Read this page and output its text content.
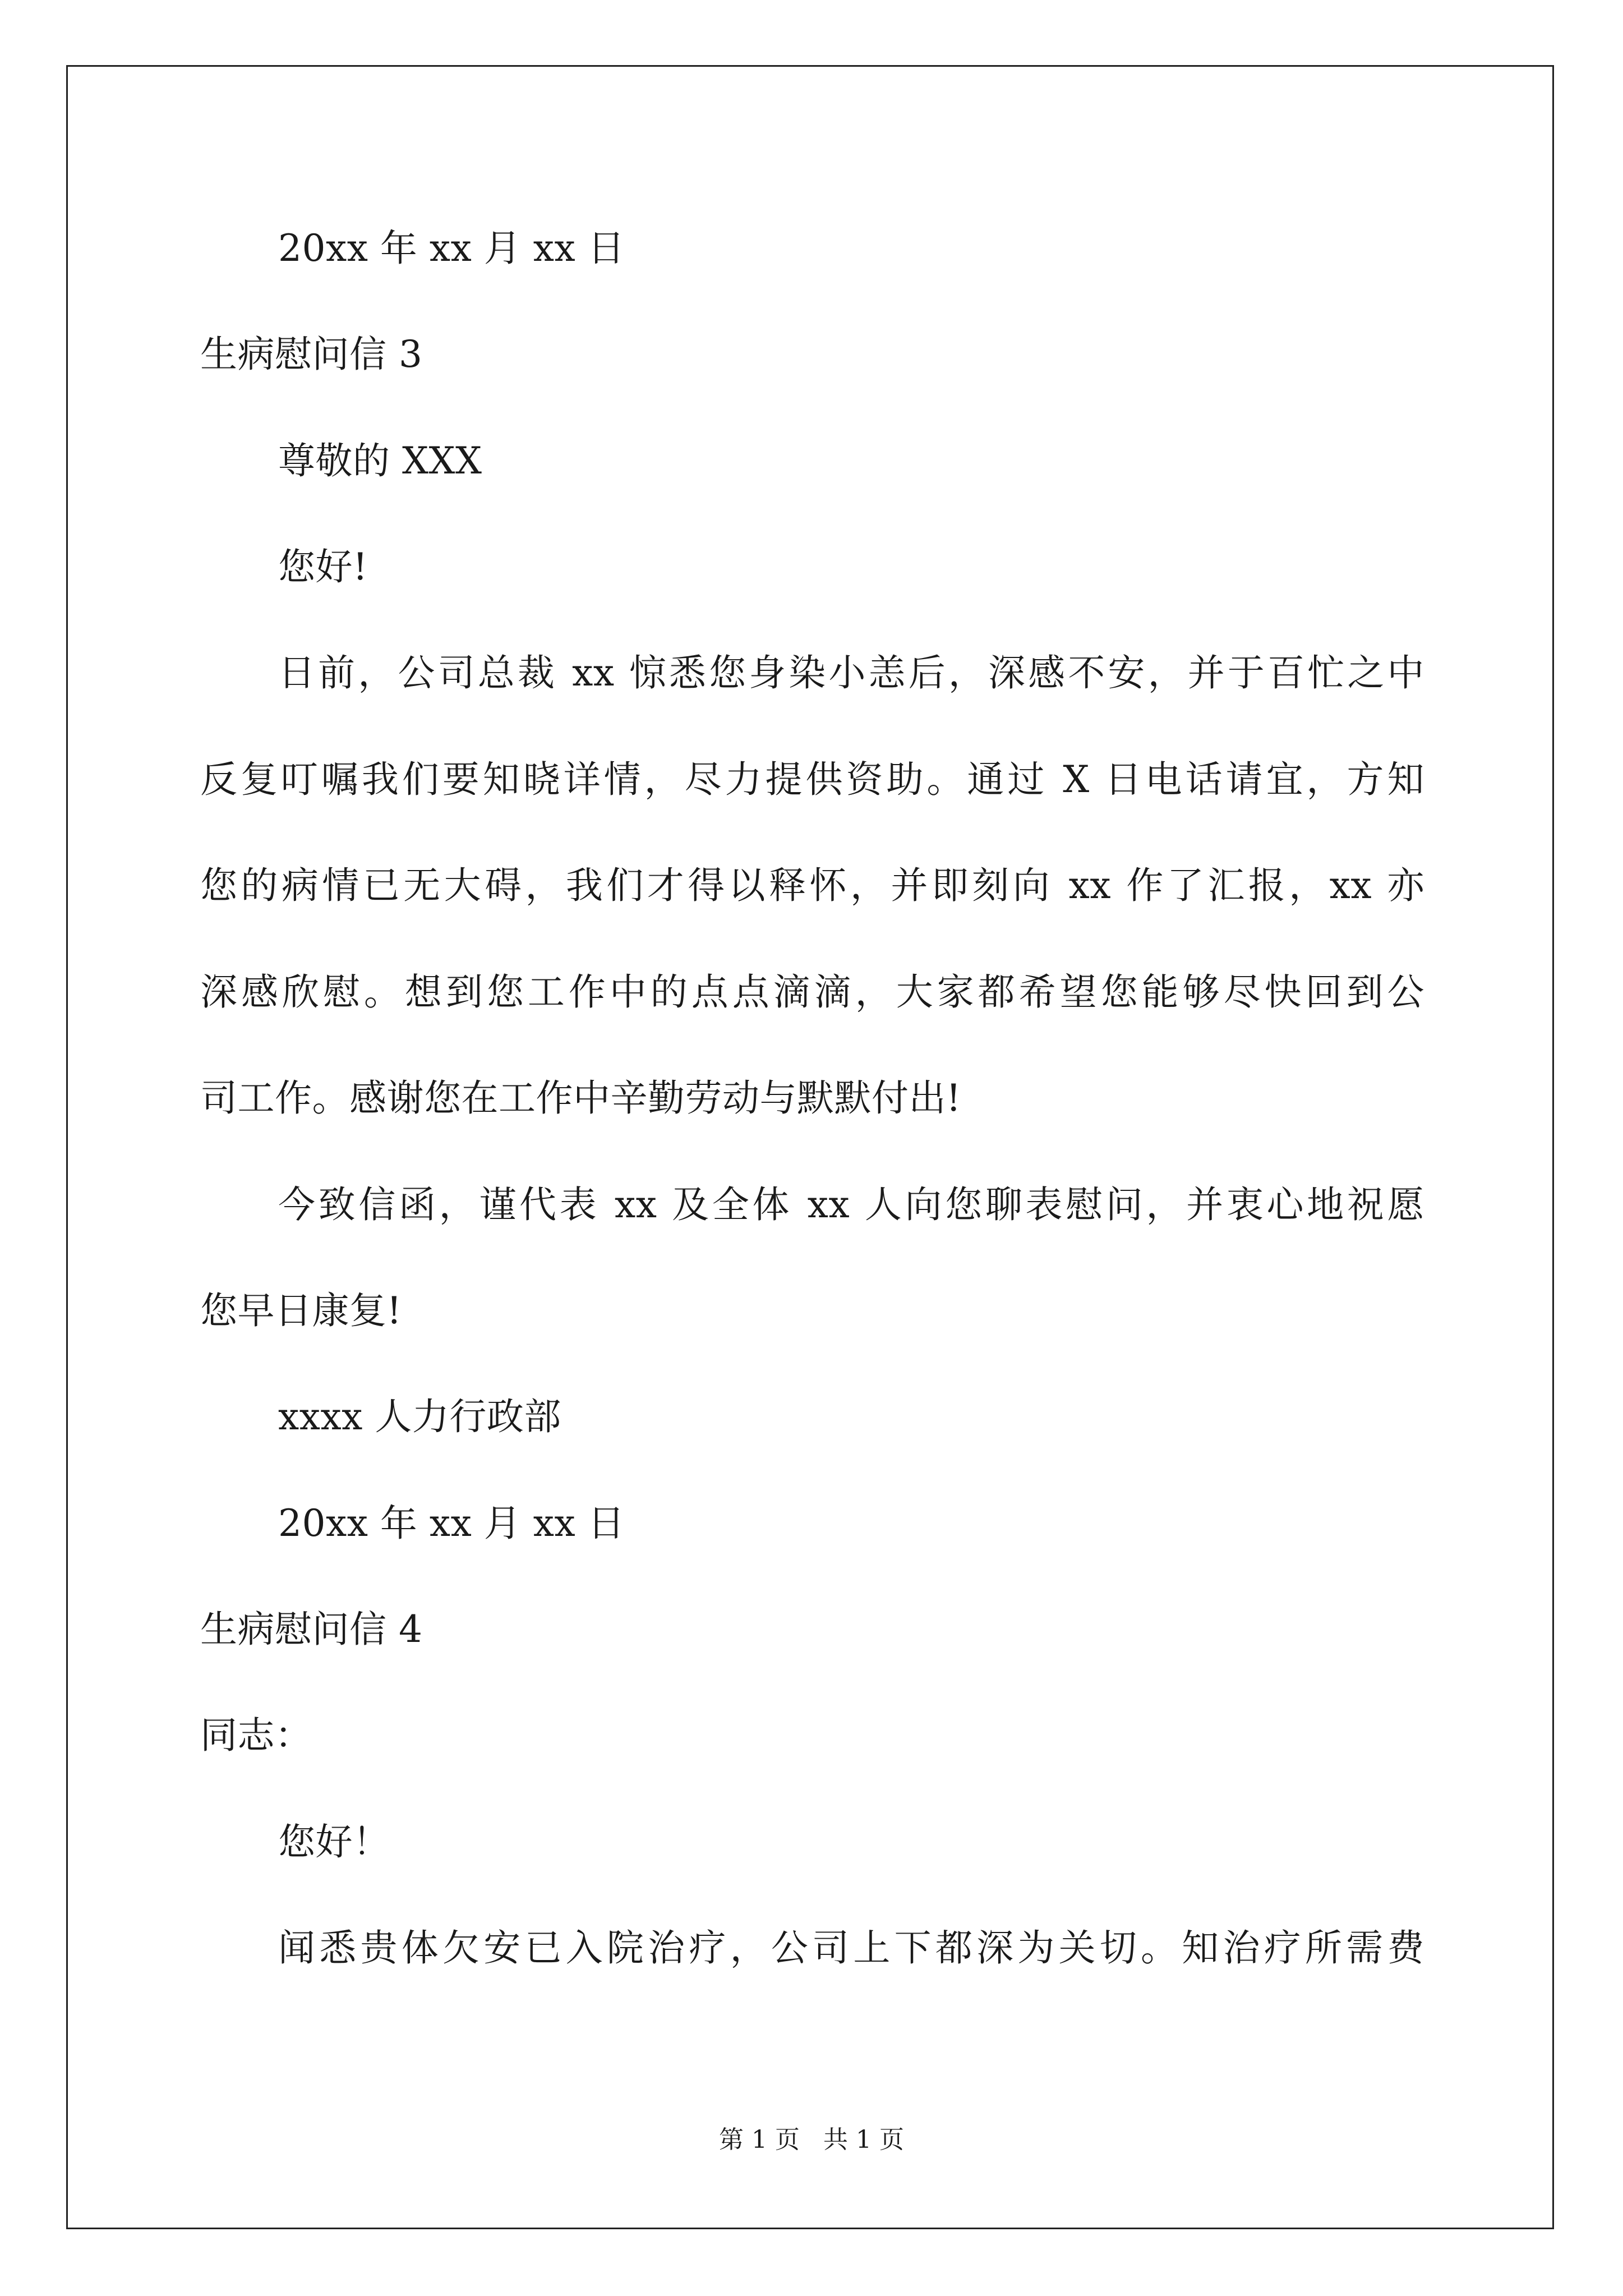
20xx 年 xx 月 xx 日
生病慰问信 3
尊敬的 XXX
您好!
日前，公司总裁 xx 惊悉您身染小恙后，深感不安，并于百忙之中
反复叮嘱我们要知晓详情，尽力提供资助。通过 X 日电话请宜，方知
您的病情已无大碍，我们才得以释怀，并即刻向 xx 作了汇报，xx 亦
深感欣慰。想到您工作中的点点滴滴，大家都希望您能够尽快回到公
司工作。感谢您在工作中辛勤劳动与默默付出!
今致信函，谨代表 xx 及全体 xx 人向您聊表慰问，并衷心地祝愿
您早日康复!
xxxx 人力行政部
20xx 年 xx 月 xx 日
生病慰问信 4
同志：
您好！
闻悉贵体欠安已入院治疗，公司上下都深为关切。知治疗所需费
第 1 页   共 1 页
